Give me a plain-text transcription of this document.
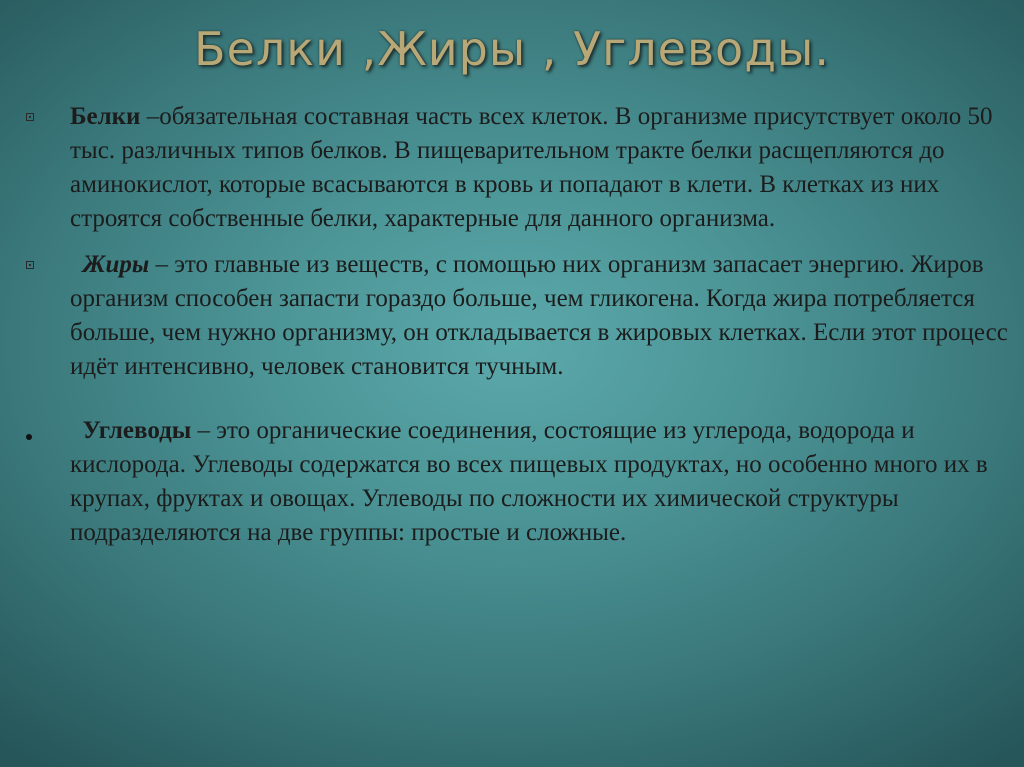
Белки ,Жиры , Углеводы.
Белки –обязательная составная часть всех клеток. В организме присутствует около 50 тыс. различных типов белков. В пищеварительном тракте белки расщепляются до аминокислот, которые всасываются в кровь и попадают в клети. В клетках из них строятся собственные белки, характерные для данного организма.
Жиры – это главные из веществ, с помощью них организм запасает энергию. Жиров организм способен запасти гораздо больше, чем гликогена. Когда жира потребляется больше, чем нужно организму, он откладывается в жировых клетках. Если этот процесс идёт интенсивно, человек становится тучным.
Углеводы – это органические соединения, состоящие из углерода, водорода и кислорода. Углеводы содержатся во всех пищевых продуктах, но особенно много их в крупах, фруктах и овощах. Углеводы по сложности их химической структуры подразделяются на две группы: простые и сложные.
